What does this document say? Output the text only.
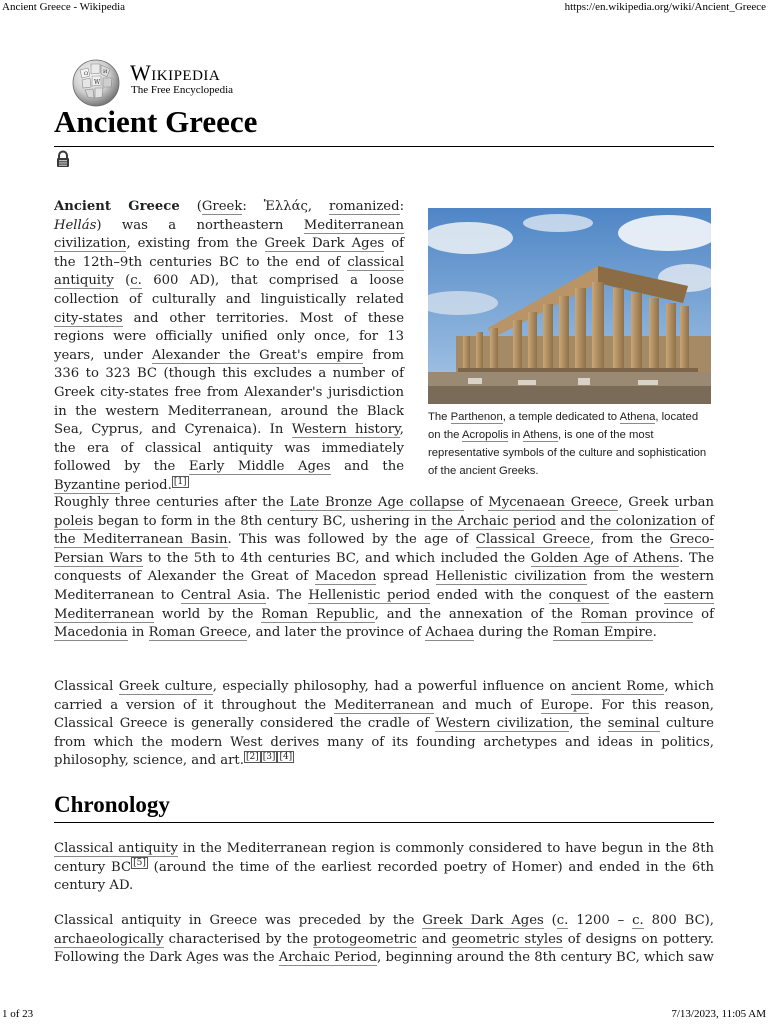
Ancient Greece - Wikipedia	https://en.wikipedia.org/wiki/Ancient_Greece
W
Ω	И Wikipedia
The Free Encyclopedia
Ancient Greece

Ancient Greece (Greek: Ἑλλάς, romanized: Hellás) was a northeastern Mediterranean civilization, existing from the Greek Dark Ages of the 12th–9th centuries BC to the end of classical antiquity (c. 600 AD), that comprised a loose collection of culturally and linguistically related city-states and other territories. Most of these regions were officially unified only once, for 13 years, under Alexander the Great's empire from 336 to 323 BC (though this excludes a number of Greek city-states free from Alexander's jurisdiction in the western Mediterranean, around the Black Sea, Cyprus, and Cyrenaica). In Western history, the era of classical antiquity was immediately followed by the Early Middle Ages and the Byzantine period. [1]

The Parthenon, a temple dedicated to Athena, located on the Acropolis in Athens, is one of the most representative symbols of the culture and sophistication of the ancient Greeks.

Roughly three centuries after the Late Bronze Age collapse of Mycenaean Greece, Greek urban poleis began to form in the 8th century BC, ushering in the Archaic period and the colonization of the Mediterranean Basin. This was followed by the age of Classical Greece, from the Greco-Persian Wars to the 5th to 4th centuries BC, and which included the Golden Age of Athens. The conquests of Alexander the Great of Macedon spread Hellenistic civilization from the western Mediterranean to Central Asia. The Hellenistic period ended with the conquest of the eastern Mediterranean world by the Roman Republic, and the annexation of the Roman province of Macedonia in Roman Greece, and later the province of Achaea during the Roman Empire.

Classical Greek culture, especially philosophy, had a powerful influence on ancient Rome, which carried a version of it throughout the Mediterranean and much of Europe. For this reason, Classical Greece is generally considered the cradle of Western civilization, the seminal culture from which the modern West derives many of its founding archetypes and ideas in politics, philosophy, science, and art. [2] [3] [4]

Chronology

Classical antiquity in the Mediterranean region is commonly considered to have begun in the 8th century BC [5] (around the time of the earliest recorded poetry of Homer) and ended in the 6th century AD.

Classical antiquity in Greece was preceded by the Greek Dark Ages (c. 1200 – c. 800 BC), archaeologically characterised by the protogeometric and geometric styles of designs on pottery. Following the Dark Ages was the Archaic Period, beginning around the 8th century BC, which saw

1 of 23	7/13/2023, 11:05 AM
